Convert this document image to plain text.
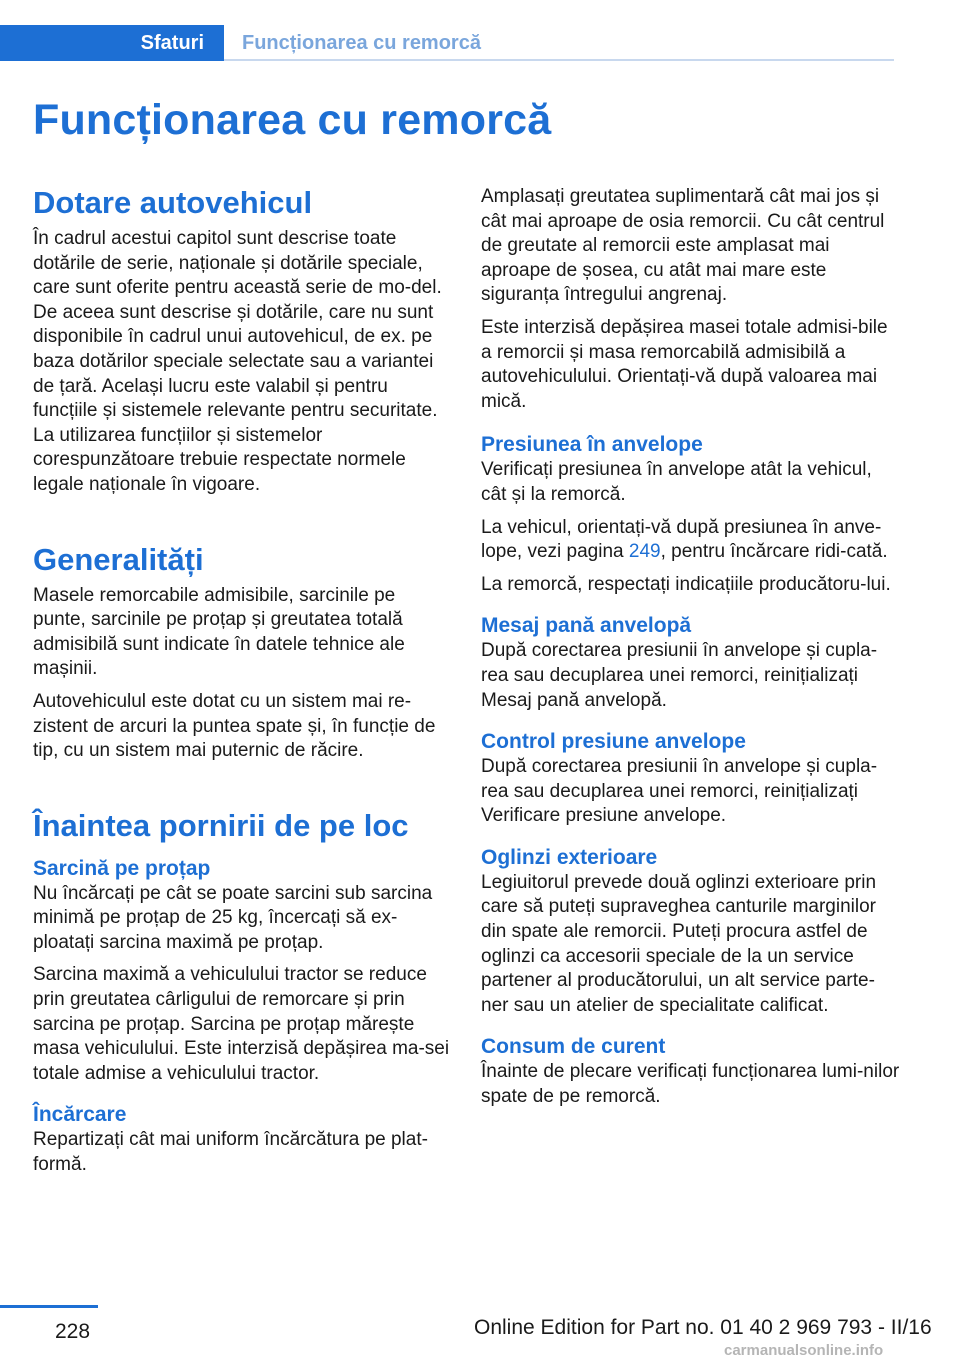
Sfaturi	Funcționarea cu remorcă
Funcționarea cu remorcă
Dotare autovehicul

În cadrul acestui capitol sunt descrise toate dotările de serie, naționale și dotările speciale, care sunt oferite pentru această serie de mo-del. De aceea sunt descrise și dotările, care nu sunt disponibile în cadrul unui autovehicul, de ex. pe baza dotărilor speciale selectate sau a variantei de țară. Același lucru este valabil și pentru funcțiile și sistemele relevante pentru securitate. La utilizarea funcțiilor și sistemelor corespunzătoare trebuie respectate normele legale naționale în vigoare.

Generalități

Masele remorcabile admisibile, sarcinile pe punte, sarcinile pe proțap și greutatea totală admisibilă sunt indicate în datele tehnice ale mașinii.

Autovehiculul este dotat cu un sistem mai re-zistent de arcuri la puntea spate și, în funcție de tip, cu un sistem mai puternic de răcire.

Înaintea pornirii de pe loc
Sarcină pe proțap

Nu încărcați pe cât se poate sarcini sub sarcina minimă pe proțap de 25 kg, încercați să ex-ploatați sarcina maximă pe proțap.

Sarcina maximă a vehiculului tractor se reduce prin greutatea cârligului de remorcare și prin sarcina pe proțap. Sarcina pe proțap mărește masa vehiculului. Este interzisă depășirea ma-sei totale admise a vehiculului tractor.

Încărcare

Repartizați cât mai uniform încărcătura pe plat-formă.

Amplasați greutatea suplimentară cât mai jos și cât mai aproape de osia remorcii. Cu cât centrul de greutate al remorcii este amplasat mai aproape de șosea, cu atât mai mare este siguranța întregului angrenaj.

Este interzisă depășirea masei totale admisi-bile a remorcii și masa remorcabilă admisibilă a autovehiculului. Orientați-vă după valoarea mai mică.

Presiunea în anvelope

Verificați presiunea în anvelope atât la vehicul, cât și la remorcă.

La vehicul, orientați-vă după presiunea în anve-lope, vezi pagina 249, pentru încărcare ridi-cată.

La remorcă, respectați indicațiile producătoru-lui.

Mesaj pană anvelopă

După corectarea presiunii în anvelope și cupla-rea sau decuplarea unei remorci, reinițializați Mesaj pană anvelopă.

Control presiune anvelope

După corectarea presiunii în anvelope și cupla-rea sau decuplarea unei remorci, reinițializați Verificare presiune anvelope.

Oglinzi exterioare

Legiuitorul prevede două oglinzi exterioare prin care să puteți supraveghea canturile marginilor din spate ale remorcii. Puteți procura astfel de oglinzi ca accesorii speciale de la un service partener al producătorului, un alt service parte-ner sau un atelier de specialitate calificat.

Consum de curent

Înainte de plecare verificați funcționarea lumi-nilor spate de pe remorcă.

228	Online Edition for Part no. 01 40 2 969 793 - II/16
carmanualsonline.info
